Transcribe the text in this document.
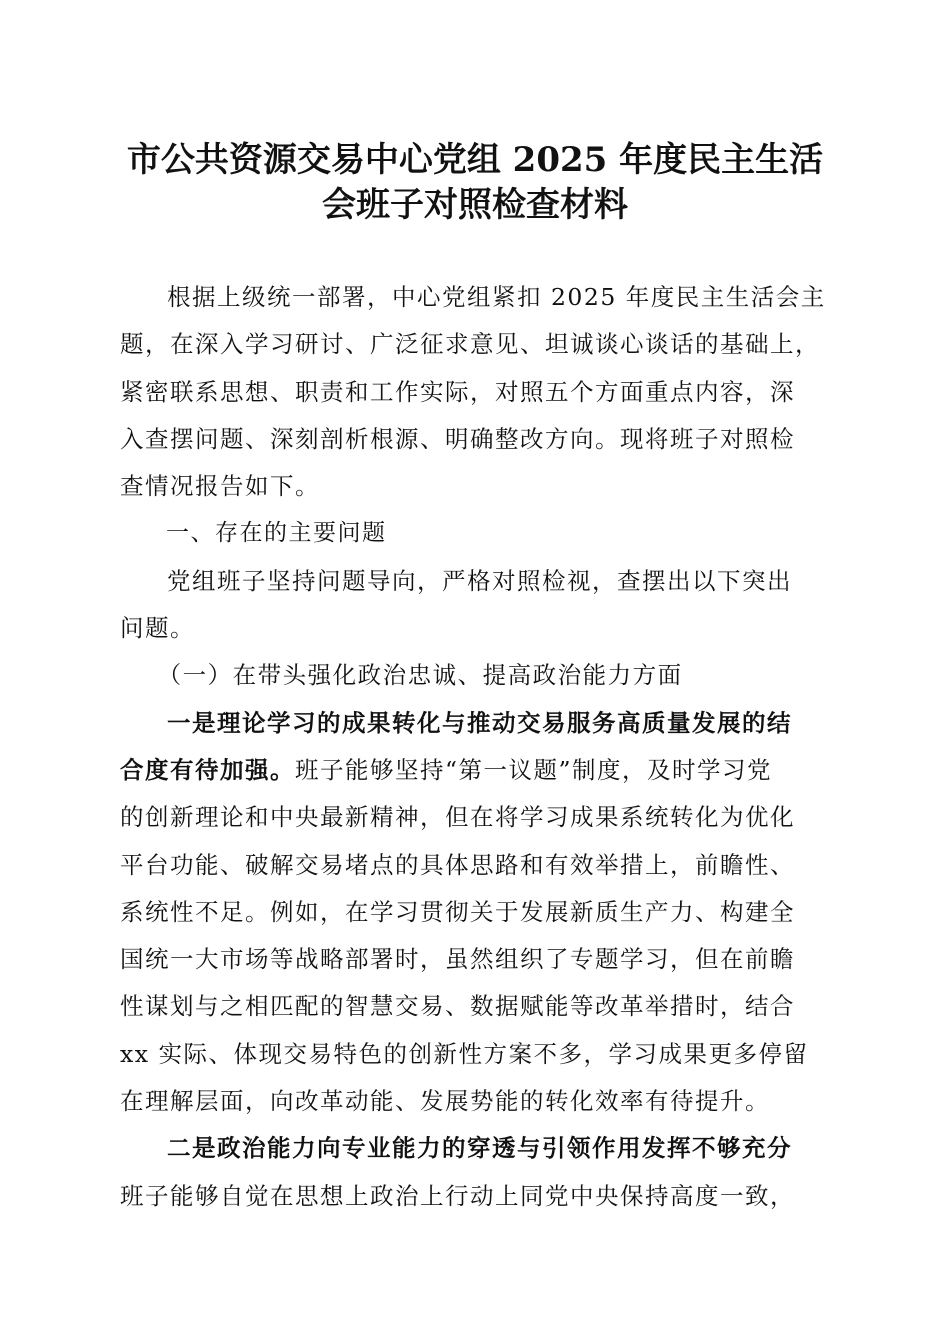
市公共资源交易中心党组 2025 年度民主生活
会班子对照检查材料
根据上级统一部署，中心党组紧扣 2025 年度民主生活会主
题，在深入学习研讨、广泛征求意见、坦诚谈心谈话的基础上，
紧密联系思想、职责和工作实际，对照五个方面重点内容，深
入查摆问题、深刻剖析根源、明确整改方向。现将班子对照检
查情况报告如下。
一、存在的主要问题
党组班子坚持问题导向，严格对照检视，查摆出以下突出
问题。
（一）在带头强化政治忠诚、提高政治能力方面
一是理论学习的成果转化与推动交易服务高质量发展的结
合度有待加强。班子能够坚持“第一议题”制度，及时学习党
的创新理论和中央最新精神，但在将学习成果系统转化为优化
平台功能、破解交易堵点的具体思路和有效举措上，前瞻性、
系统性不足。例如，在学习贯彻关于发展新质生产力、构建全
国统一大市场等战略部署时，虽然组织了专题学习，但在前瞻
性谋划与之相匹配的智慧交易、数据赋能等改革举措时，结合
xx 实际、体现交易特色的创新性方案不多，学习成果更多停留
在理解层面，向改革动能、发展势能的转化效率有待提升。
二是政治能力向专业能力的穿透与引领作用发挥不够充分
班子能够自觉在思想上政治上行动上同党中央保持高度一致，
